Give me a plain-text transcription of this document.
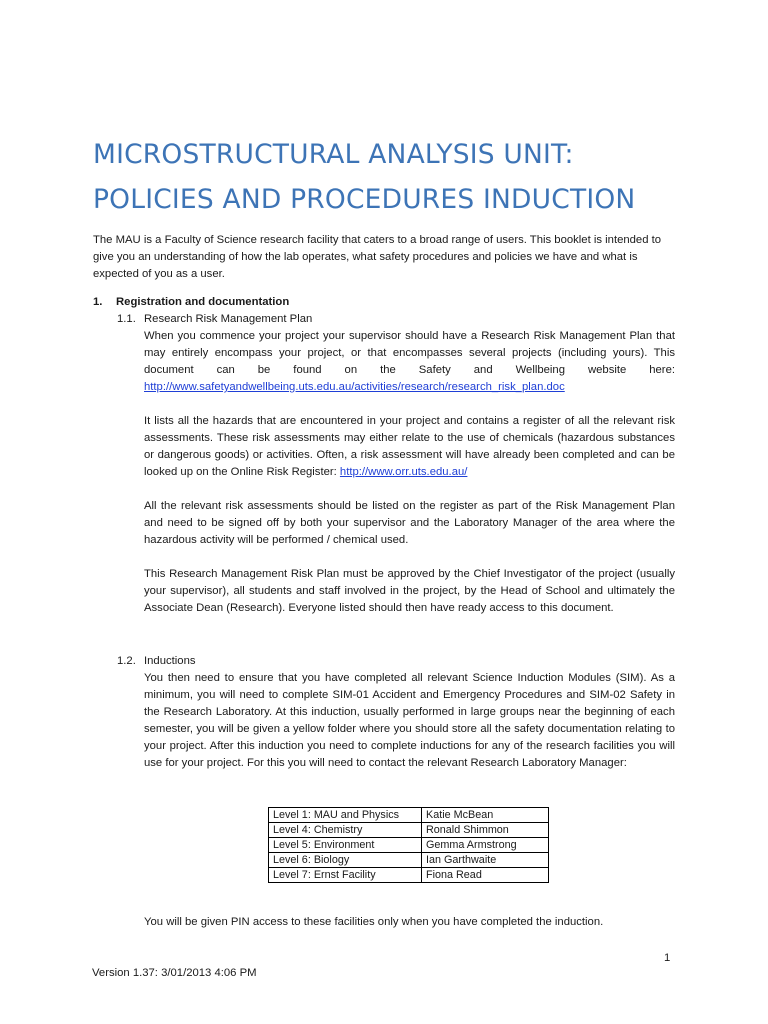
MICROSTRUCTURAL ANALYSIS UNIT:
POLICIES AND PROCEDURES INDUCTION

The MAU is a Faculty of Science research facility that caters to a broad range of users. This booklet is intended to give you an understanding of how the lab operates, what safety procedures and policies we have and what is expected of you as a user.

1. Registration and documentation
1.1. Research Risk Management Plan

When you commence your project your supervisor should have a Research Risk Management Plan that may entirely encompass your project, or that encompasses several projects (including yours). This document can be found on the Safety and Wellbeing website here: http://www.safetyandwellbeing.uts.edu.au/activities/research/research_risk_plan.doc

It lists all the hazards that are encountered in your project and contains a register of all the relevant risk assessments. These risk assessments may either relate to the use of chemicals (hazardous substances or dangerous goods) or activities. Often, a risk assessment will have already been completed and can be looked up on the Online Risk Register: http://www.orr.uts.edu.au/

All the relevant risk assessments should be listed on the register as part of the Risk Management Plan and need to be signed off by both your supervisor and the Laboratory Manager of the area where the hazardous activity will be performed / chemical used.

This Research Management Risk Plan must be approved by the Chief Investigator of the project (usually your supervisor), all students and staff involved in the project, by the Head of School and ultimately the Associate Dean (Research). Everyone listed should then have ready access to this document.

1.2. Inductions

You then need to ensure that you have completed all relevant Science Induction Modules (SIM). As a minimum, you will need to complete SIM-01 Accident and Emergency Procedures and SIM-02 Safety in the Research Laboratory. At this induction, usually performed in large groups near the beginning of each semester, you will be given a yellow folder where you should store all the safety documentation relating to your project. After this induction you need to complete inductions for any of the research facilities you will use for your project. For this you will need to contact the relevant Research Laboratory Manager:

Level 1: MAU and Physics	Katie McBean
Level 4: Chemistry	Ronald Shimmon
Level 5: Environment	Gemma Armstrong
Level 6: Biology	Ian Garthwaite
Level 7: Ernst Facility	Fiona Read

You will be given PIN access to these facilities only when you have completed the induction.

1
Version 1.37: 3/01/2013 4:06 PM
